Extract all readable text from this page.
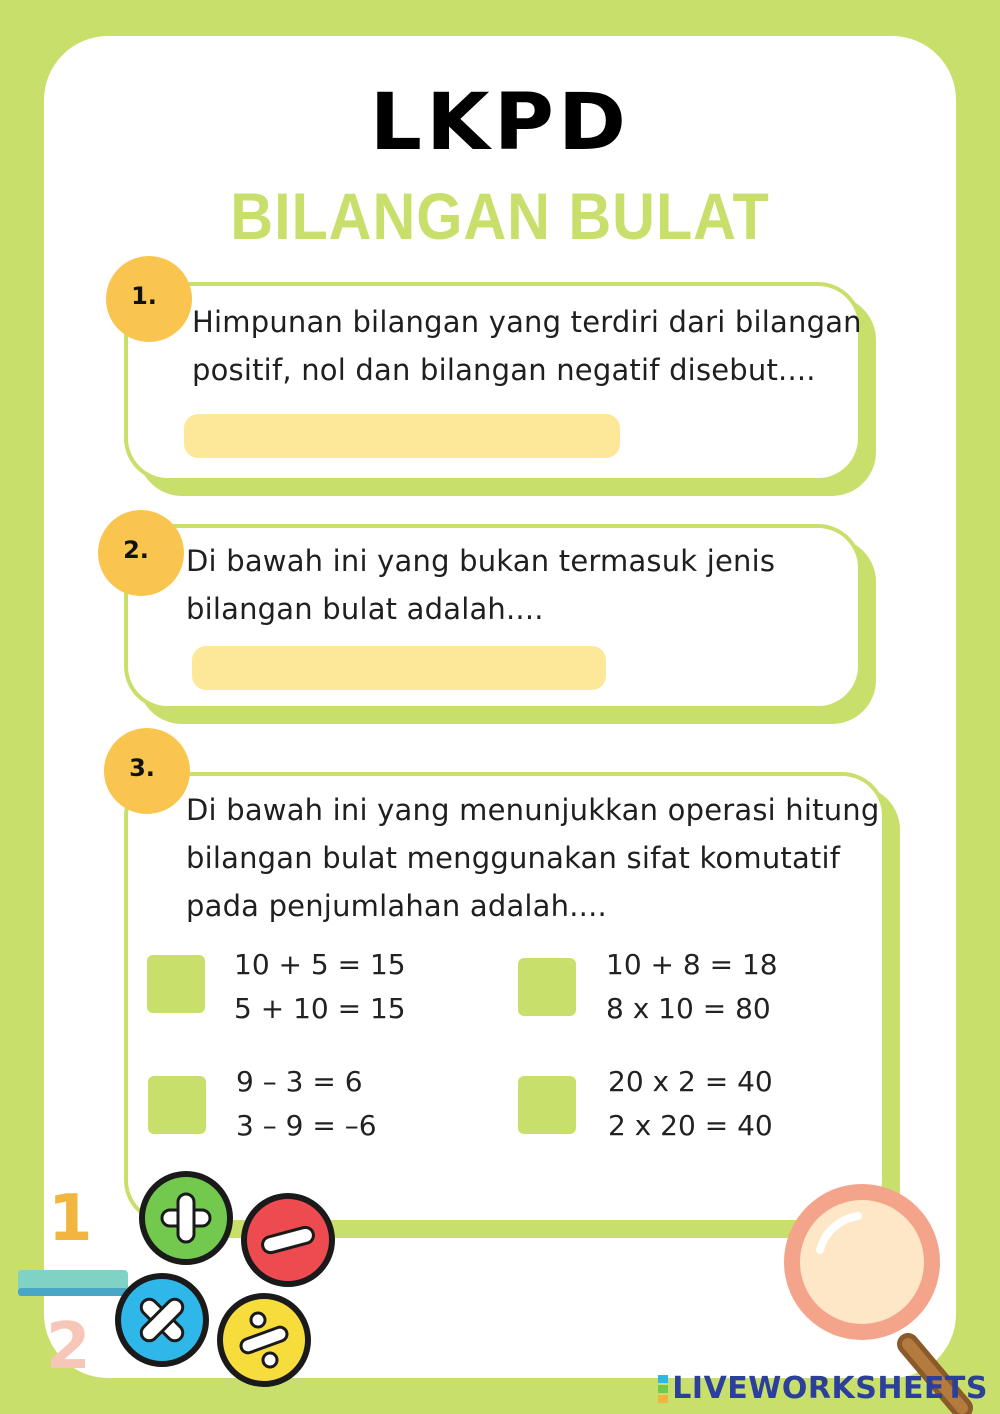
LKPD
BILANGAN BULAT
1.
Himpunan bilangan yang terdiri dari bilangan
positif, nol dan bilangan negatif disebut....
2.	Di bawah ini yang bukan termasuk jenis
bilangan bulat adalah....
3.
Di bawah ini yang menunjukkan operasi hitung
bilangan bulat menggunakan sifat komutatif
pada penjumlahan adalah....
10 + 5 = 15
5 + 10 = 15
10 + 8 = 18
8 x 10 = 80
9 – 3 = 6
3 – 9 = –6
20 x 2 = 40
2 x 20 = 40
1
2
LIVEWORKSHEETS
